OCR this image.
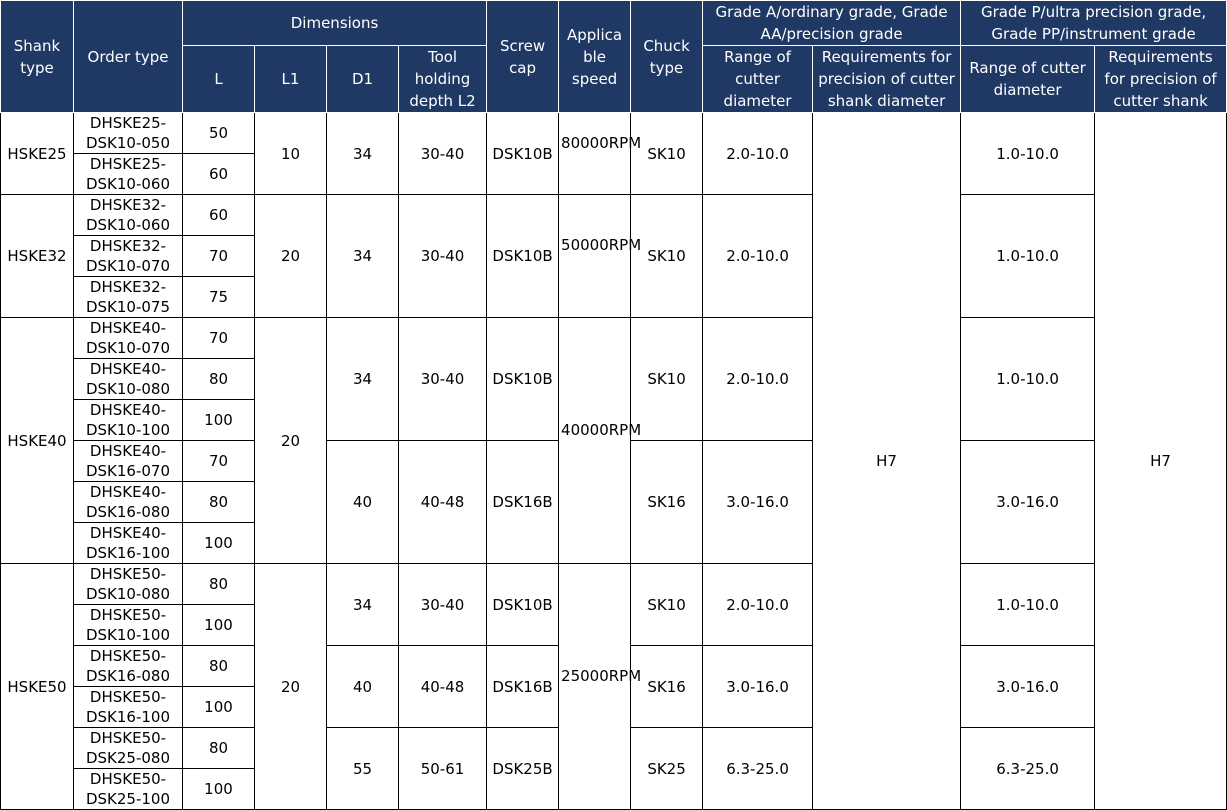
Shank type	Order type	Dimensions				Screw cap	Applica ble speed	Chuck type	Grade A/ordinary grade, Grade AA/precision grade		Grade P/ultra precision grade, Grade PP/instrument grade	
		L	L1	D1	Tool holding depth L2				Range of cutter diameter	Requirements for precision of cutter shank diameter	Range of cutter diameter	Requirements for precision of cutter shank
HSKE25	DHSKE25-DSK10-050	50	10	34	30-40	DSK10B	80000RPM	SK10	2.0-10.0	H7	1.0-10.0	H7
	DHSKE25-DSK10-060	60										
HSKE32	DHSKE32-DSK10-060	60	20	34	30-40	DSK10B	50000RPM	SK10	2.0-10.0		1.0-10.0	
	DHSKE32-DSK10-070	70										
	DHSKE32-DSK10-075	75										
HSKE40	DHSKE40-DSK10-070	70	20	34	30-40	DSK10B	40000RPM	SK10	2.0-10.0		1.0-10.0	
	DHSKE40-DSK10-080	80										
	DHSKE40-DSK10-100	100										
	DHSKE40-DSK16-070	70		40	40-48	DSK16B		SK16	3.0-16.0		3.0-16.0	
	DHSKE40-DSK16-080	80										
	DHSKE40-DSK16-100	100										
HSKE50	DHSKE50-DSK10-080	80	20	34	30-40	DSK10B	25000RPM	SK10	2.0-10.0		1.0-10.0	
	DHSKE50-DSK10-100	100										
	DHSKE50-DSK16-080	80		40	40-48	DSK16B		SK16	3.0-16.0		3.0-16.0	
	DHSKE50-DSK16-100	100										
	DHSKE50-DSK25-080	80		55	50-61	DSK25B		SK25	6.3-25.0		6.3-25.0	
	DHSKE50-DSK25-100	100										
